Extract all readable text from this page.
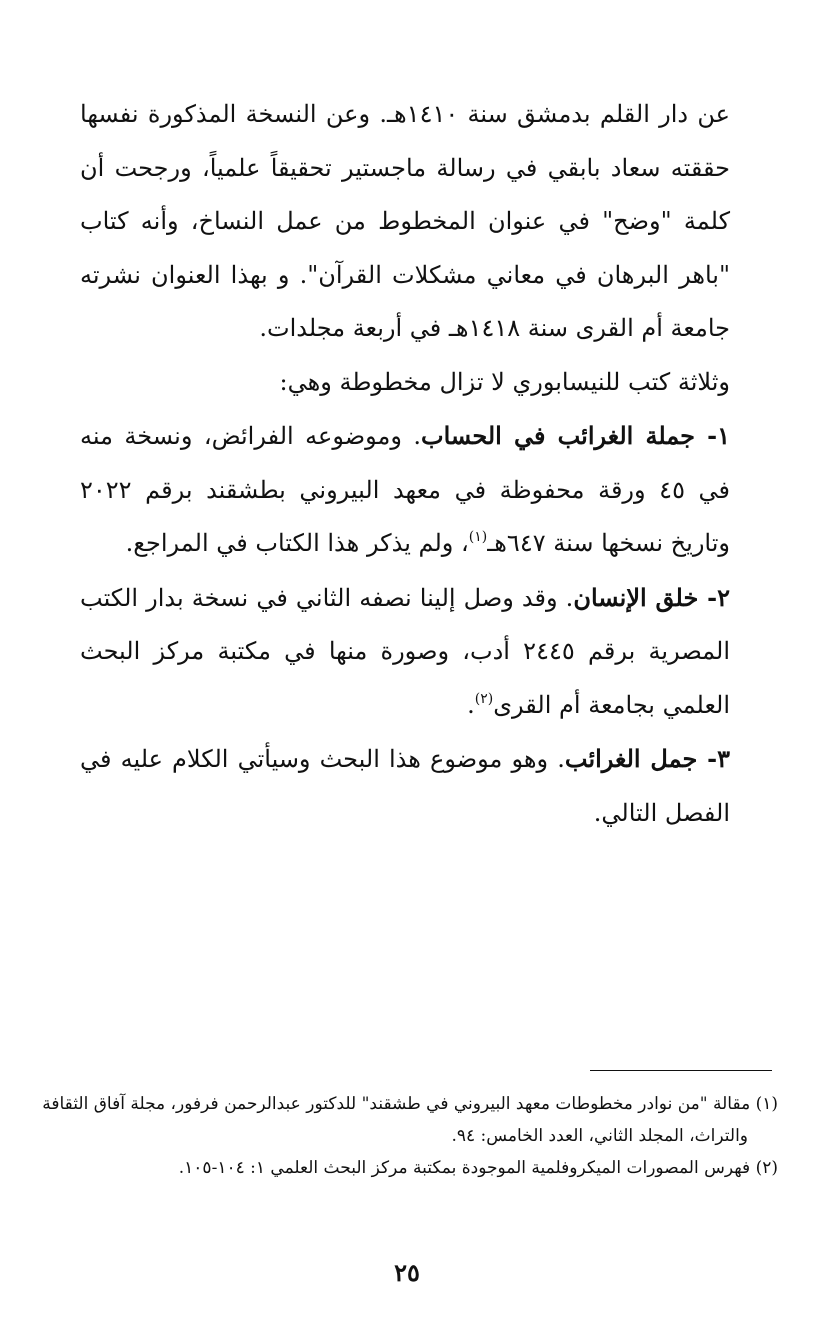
عن دار القلم بدمشق سنة ١٤١٠هـ. وعن النسخة المذكورة نفسها حققته سعاد بابقي في رسالة ماجستير تحقيقاً علمياً، ورجحت أن كلمة "وضح" في عنوان المخطوط من عمل النساخ، وأنه كتاب "باهر البرهان في معاني مشكلات القرآن". و بهذا العنوان نشرته جامعة أم القرى سنة ١٤١٨هـ في أربعة مجلدات.

وثلاثة كتب للنيسابوري لا تزال مخطوطة وهي:

١- جملة الغرائب في الحساب. وموضوعه الفرائض، ونسخة منه في ٤٥ ورقة محفوظة في معهد البيروني بطشقند برقم ٢٠٢٢ وتاريخ نسخها سنة ٦٤٧هـ$^{(١)}$، ولم يذكر هذا الكتاب في المراجع.

٢- خلق الإنسان. وقد وصل إلينا نصفه الثاني في نسخة بدار الكتب المصرية برقم ٢٤٤٥ أدب، وصورة منها في مكتبة مركز البحث العلمي بجامعة أم القرى$^{(٢)}$.

٣- جمل الغرائب. وهو موضوع هذا البحث وسيأتي الكلام عليه في الفصل التالي.

(١) مقالة "من نوادر مخطوطات معهد البيروني في طشقند" للدكتور عبدالرحمن فرفور، مجلة آفاق الثقافة

والتراث، المجلد الثاني، العدد الخامس: ٩٤.

(٢) فهرس المصورات الميكروفلمية الموجودة بمكتبة مركز البحث العلمي ١: ١٠٤-١٠٥.

٢٥
